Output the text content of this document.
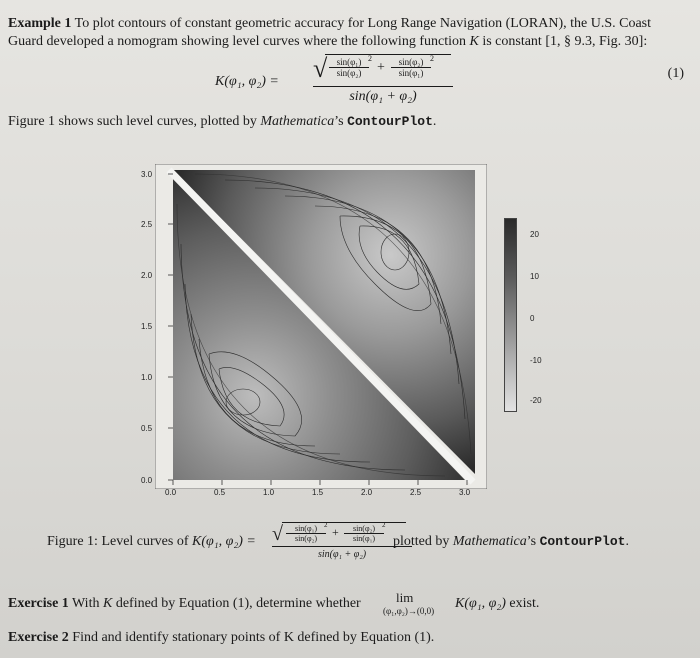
Example 1 To plot contours of constant geometric accuracy for Long Range Navigation (LORAN), the U.S. Coast
Guard developed a nomogram showing level curves where the following function K is constant [1, § 9.3, Fig. 30]:
K(φ₁, φ₂) = √	sin(φ₁)
sin(φ₂)
2
+	sin(φ₂)
sin(φ₁)
2
sin(φ₁ + φ₂)
(1)
Figure 1 shows such level curves, plotted by Mathematica’s ContourPlot.
0.0
0.5
1.0
1.5
2.0
2.5
3.0
0.0	0.5	1.0	1.5	2.0	2.5	3.0
20
10
0
-10
-20
Figure 1: Level curves of K(φ₁, φ₂) = √	sin(φ₁)
sin(φ₂)
2 +	sin(φ₂)
sin(φ₁)
2
sin(φ₁ + φ₂)
plotted by Mathematica’s ContourPlot.
Exercise 1 With K defined by Equation (1), determine whether	lim
(φ₁,φ₂)→(0,0) K(φ₁, φ₂) exist.
Exercise 2 Find and identify stationary points of K defined by Equation (1).
